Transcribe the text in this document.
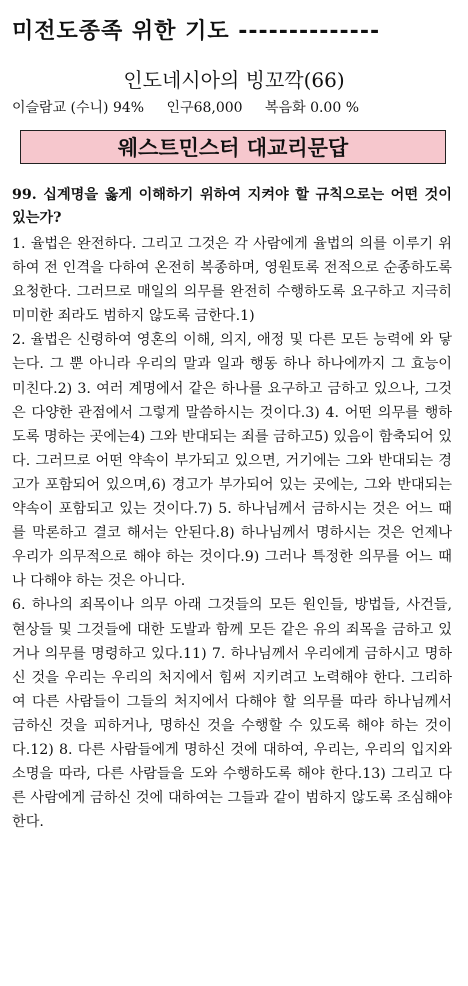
미전도종족 위한 기도 --------------
인도네시아의 빙꼬깍(66)
이슬람교 (수니) 94% 인구68,000 복음화 0.00 %
웨스트민스터 대교리문답
99. 십계명을 옳게 이해하기 위하여 지켜야 할 규칙으로는 어떤 것이 있는가?

1. 율법은 완전하다. 그리고 그것은 각 사람에게 율법의 의를 이루기 위하여 전 인격을 다하여 온전히 복종하며, 영원토록 전적으로 순종하도록 요청한다. 그러므로 매일의 의무를 완전히 수행하도록 요구하고 지극히 미미한 죄라도 범하지 않도록 금한다.1)

2. 율법은 신령하여 영혼의 이해, 의지, 애정 및 다른 모든 능력에 와 닿는다. 그 뿐 아니라 우리의 말과 일과 행동 하나 하나에까지 그 효능이 미친다.2) 3. 여러 계명에서 같은 하나를 요구하고 금하고 있으나, 그것은 다양한 관점에서 그렇게 말씀하시는 것이다.3) 4. 어떤 의무를 행하도록 명하는 곳에는4) 그와 반대되는 죄를 금하고5) 있음이 함축되어 있다. 그러므로 어떤 약속이 부가되고 있으면, 거기에는 그와 반대되는 경고가 포함되어 있으며,6) 경고가 부가되어 있는 곳에는, 그와 반대되는 약속이 포함되고 있는 것이다.7) 5. 하나님께서 금하시는 것은 어느 때를 막론하고 결코 해서는 안된다.8) 하나님께서 명하시는 것은 언제나 우리가 의무적으로 해야 하는 것이다.9) 그러나 특정한 의무를 어느 때나 다해야 하는 것은 아니다.

6. 하나의 죄목이나 의무 아래 그것들의 모든 원인들, 방법들, 사건들, 현상들 및 그것들에 대한 도발과 함께 모든 같은 유의 죄목을 금하고 있거나 의무를 명령하고 있다.11) 7. 하나님께서 우리에게 금하시고 명하신 것을 우리는 우리의 처지에서 힘써 지키려고 노력해야 한다. 그리하여 다른 사람들이 그들의 처지에서 다해야 할 의무를 따라 하나님께서 금하신 것을 피하거나, 명하신 것을 수행할 수 있도록 해야 하는 것이다.12) 8. 다른 사람들에게 명하신 것에 대하여, 우리는, 우리의 입지와 소명을 따라, 다른 사람들을 도와 수행하도록 해야 한다.13) 그리고 다른 사람에게 금하신 것에 대하여는 그들과 같이 범하지 않도록 조심해야 한다.
